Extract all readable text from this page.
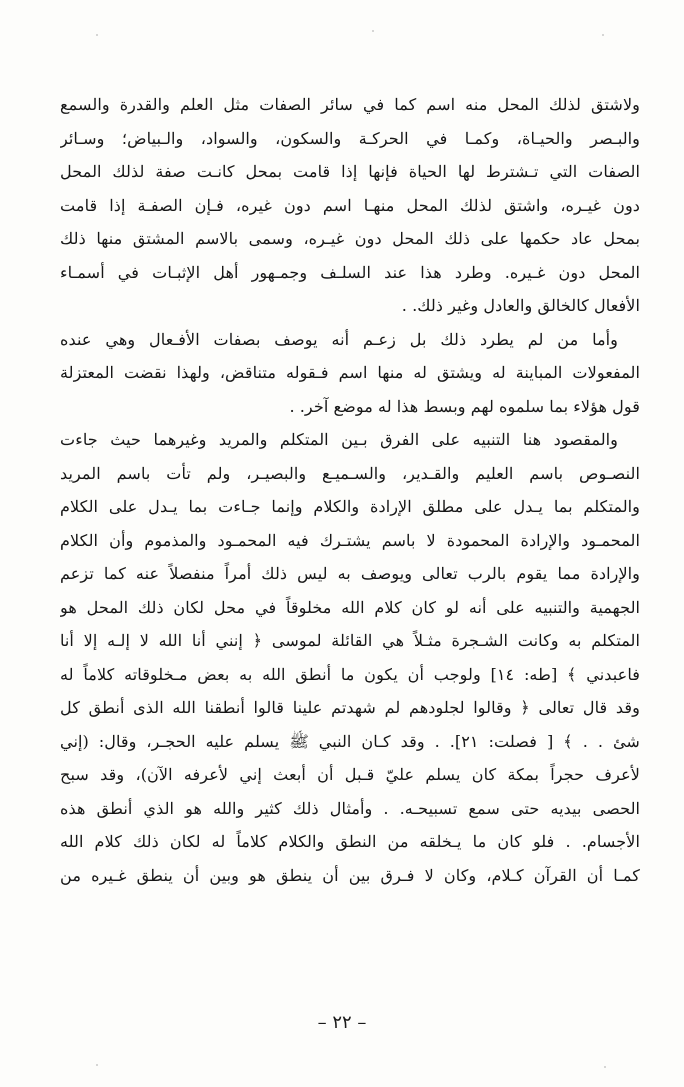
ولاشتق لذلك المحل منه اسم كما في سائر الصفات مثل العلم والقدرة والسمع
والبـصر والحيـاة، وكمـا في الحركـة والسكون، والسواد، والـبياض؛ وسـائر
الصفات التي تـشترط لها الحياة فإنها إذا قامت بمحل كانـت صفة لذلك المحل
دون غيـره، واشتق لذلك المحل منهـا اسم دون غيره، فـإن الصفـة إذا قامت
بمحل عاد حكمها على ذلك المحل دون غيـره، وسمى بالاسم المشتق منها ذلك
المحل دون غـيره. وطرد هذا عند السلـف وجمـهور أهل الإثبـات في أسمـاء
الأفعال كالخالق والعادل وغير ذلك. .
وأما من لم يطرد ذلك بل زعـم أنه يوصف بصفات الأفـعال وهي عنده
المفعولات المباينة له ويشتق له منها اسم فـقوله متناقض، ولهذا نقضت المعتزلة
قول هؤلاء بما سلموه لهم وبسط هذا له موضع آخر. .
والمقصود هنا التنبيه على الفرق بـين المتكلم والمريد وغيرهما حيث جاءت
النصـوص باسم العليم والقـدير، والسـميـع والبصيـر، ولم تأت باسم المريد
والمتكلم بما يـدل على مطلق الإرادة والكلام وإنما جـاءت بما يـدل على الكلام
المحمـود والإرادة المحمودة لا باسم يشتـرك فيه المحمـود والمذموم وأن الكلام
والإرادة مما يقوم بالرب تعالى ويوصف به ليس ذلك أمراً منفصلاً عنه كما تزعم
الجهمية والتنبيه على أنه لو كان كلام الله مخلوقاً في محل لكان ذلك المحل هو
المتكلم به وكانت الشـجرة مثـلاً هي القائلة لموسى ﴿ إنني أنا الله لا إلـه إلا أنا
فاعبدني ﴾ [طه: ١٤] ولوجب أن يكون ما أنطق الله به بعض مـخلوقاته كلاماً له
وقد قال تعالى ﴿ وقالوا لجلودهم لم شهدتم علينا قالوا أنطقنا الله الذى أنطق كل
شئ . . ﴾ [ فصلت: ٢١]. . وقد كـان النبي ﷺ يسلم عليه الحجـر، وقال: (إني
لأعرف حجراً بمكة كان يسلم عليّ قـبل أن أبعث إني لأعرفه الآن)، وقد سبح
الحصى بيديه حتى سمع تسبيحـه. . وأمثال ذلك كثير والله هو الذي أنطق هذه
الأجسام. . فلو كان ما يـخلقه من النطق والكلام كلاماً له لكان ذلك كلام الله
كمـا أن القرآن كـلام، وكان لا فـرق بين أن ينطق هو وبين أن ينطق غـيره من
– ٢٢ –
